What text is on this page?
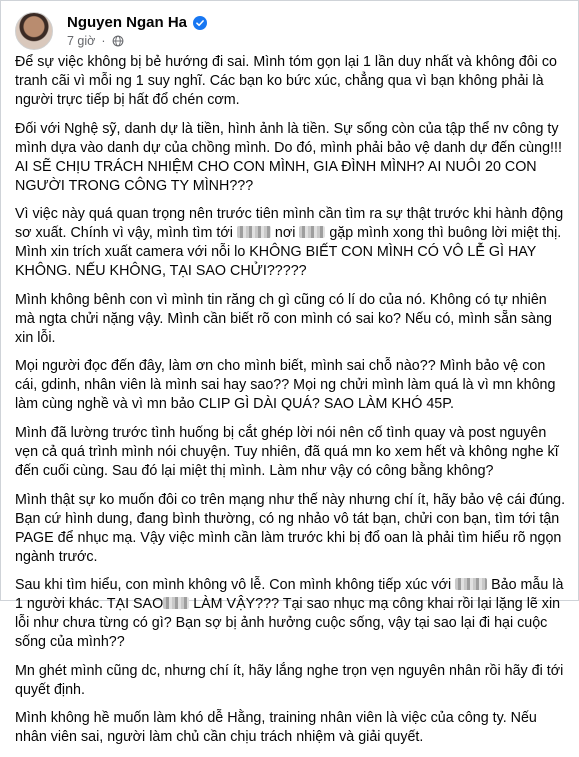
Nguyen Ngan Ha
7 giờ ·

Để sự việc không bị bẻ hướng đi sai. Mình tóm gọn lại 1 lần duy nhất và không đôi co tranh cãi vì mỗi ng 1 suy nghĩ. Các bạn ko bức xúc, chẳng qua vì bạn không phải là người trực tiếp bị hất đổ chén cơm.

Đối với Nghệ sỹ, danh dự là tiền, hình ảnh là tiền. Sự sống còn của tập thể nv công ty mình dựa vào danh dự của chồng mình. Do đó, mình phải bảo vệ danh dự đến cùng!!! AI SẼ CHỊU TRÁCH NHIỆM CHO CON MÌNH, GIA ĐÌNH MÌNH? AI NUÔI 20 CON NGƯỜI TRONG CÔNG TY MÌNH???

Vì việc này quá quan trọng nên trước tiên mình cần tìm ra sự thật trước khi hành động sơ xuất. Chính vì vậy, mình tìm tới  nơi  gặp mình xong thì buông lời miệt thị. Mình xin trích xuất camera với nỗi lo KHÔNG BIẾT CON MÌNH CÓ VÔ LỄ GÌ HAY KHÔNG. NẾU KHÔNG, TẠI SAO CHỬI?????

Mình không bênh con vì mình tin răng ch gì cũng có lí do của nó. Không có tự nhiên mà ngta chửi nặng vậy. Mình cần biết rõ con mình có sai ko? Nếu có, mình sẵn sàng xin lỗi.

Mọi người đọc đến đây, làm ơn cho mình biết, mình sai chỗ nào?? Mình bảo vệ con cái, gdinh, nhân viên là mình sai hay sao?? Mọi ng chửi mình làm quá là vì mn không làm cùng nghề và vì mn bảo CLIP GÌ DÀI QUÁ? SAO LÀM KHÓ 45P.

Mình đã lường trước tình huống bị cắt ghép lời nói nên cố tình quay và post nguyên vẹn cả quá trình mình nói chuyện. Tuy nhiên, đã quá mn ko xem hết và không nghe kĩ đến cuối cùng. Sau đó lại miệt thị mình. Làm như vậy có công bằng không?

Mình thật sự ko muốn đôi co trên mạng như thế này nhưng chí ít, hãy bảo vệ cái đúng. Bạn cứ hình dung, đang bình thường, có ng nhảo vô tát bạn, chửi con bạn, tìm tới tận PAGE để nhục mạ. Vậy việc mình cần làm trước khi bị đổ oan là phải tìm hiểu rõ ngọn ngành trước.

Sau khi tìm hiểu, con mình không vô lễ. Con mình không tiếp xúc với  Bảo mẫu là 1 người khác. TẠI SAO LÀM VẬY??? Tại sao nhục mạ công khai rồi lại lặng lẽ xin lỗi như chưa từng có gì? Bạn sợ bị ảnh hưởng cuộc sống, vậy tại sao lại đi hại cuộc sống của mình??

Mn ghét mình cũng dc, nhưng chí ít, hãy lắng nghe trọn vẹn nguyên nhân rồi hãy đi tới quyết định.

Mình không hề muốn làm khó dễ Hằng, training nhân viên là việc của công ty. Nếu nhân viên sai, người làm chủ cần chịu trách nhiệm và giải quyết.
